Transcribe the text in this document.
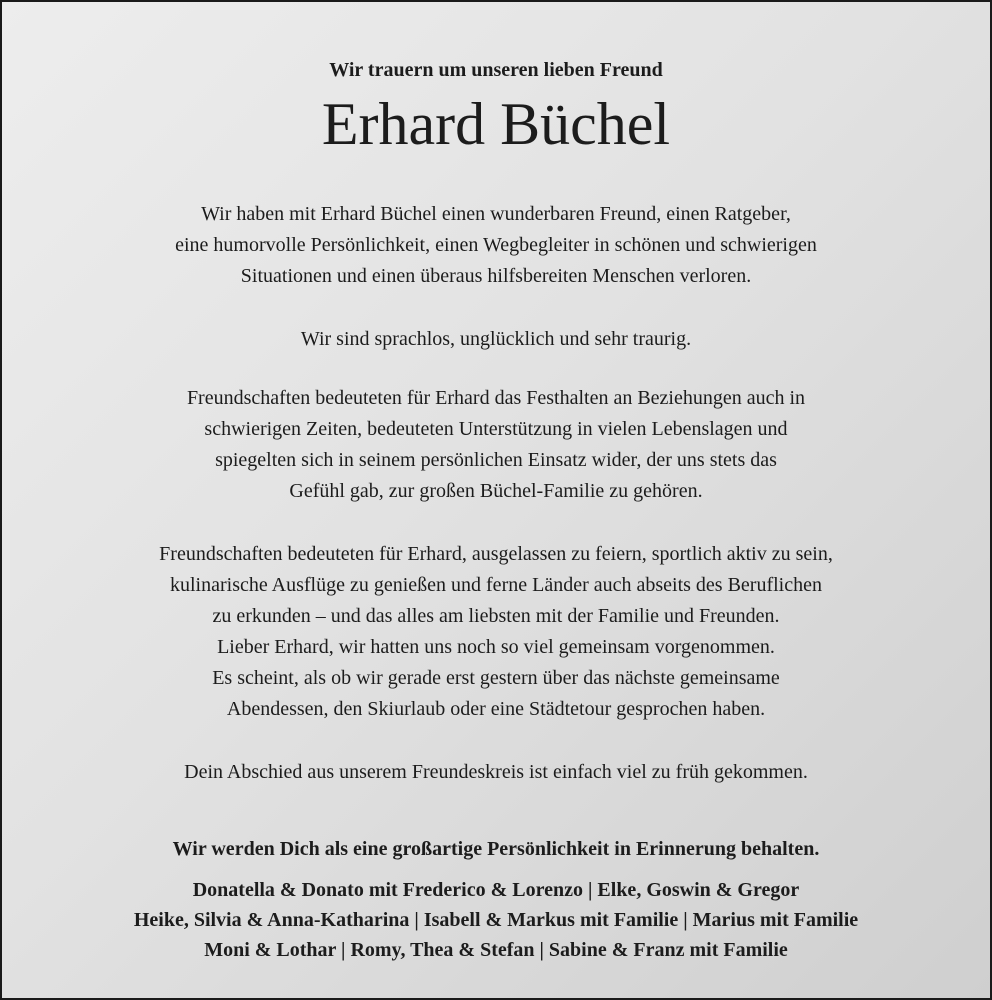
Wir trauern um unseren lieben Freund
Erhard Büchel
Wir haben mit Erhard Büchel einen wunderbaren Freund, einen Ratgeber,
eine humorvolle Persönlichkeit, einen Wegbegleiter in schönen und schwierigen
Situationen und einen überaus hilfsbereiten Menschen verloren.
Wir sind sprachlos, unglücklich und sehr traurig.
Freundschaften bedeuteten für Erhard das Festhalten an Beziehungen auch in
schwierigen Zeiten, bedeuteten Unterstützung in vielen Lebenslagen und
spiegelten sich in seinem persönlichen Einsatz wider, der uns stets das
Gefühl gab, zur großen Büchel-Familie zu gehören.
Freundschaften bedeuteten für Erhard, ausgelassen zu feiern, sportlich aktiv zu sein,
kulinarische Ausflüge zu genießen und ferne Länder auch abseits des Beruflichen
zu erkunden – und das alles am liebsten mit der Familie und Freunden.
Lieber Erhard, wir hatten uns noch so viel gemeinsam vorgenommen.
Es scheint, als ob wir gerade erst gestern über das nächste gemeinsame
Abendessen, den Skiurlaub oder eine Städtetour gesprochen haben.
Dein Abschied aus unserem Freundeskreis ist einfach viel zu früh gekommen.
Wir werden Dich als eine großartige Persönlichkeit in Erinnerung behalten.
Donatella & Donato mit Frederico & Lorenzo | Elke, Goswin & Gregor
Heike, Silvia & Anna-Katharina | Isabell & Markus mit Familie | Marius mit Familie
Moni & Lothar | Romy, Thea & Stefan | Sabine & Franz mit Familie
